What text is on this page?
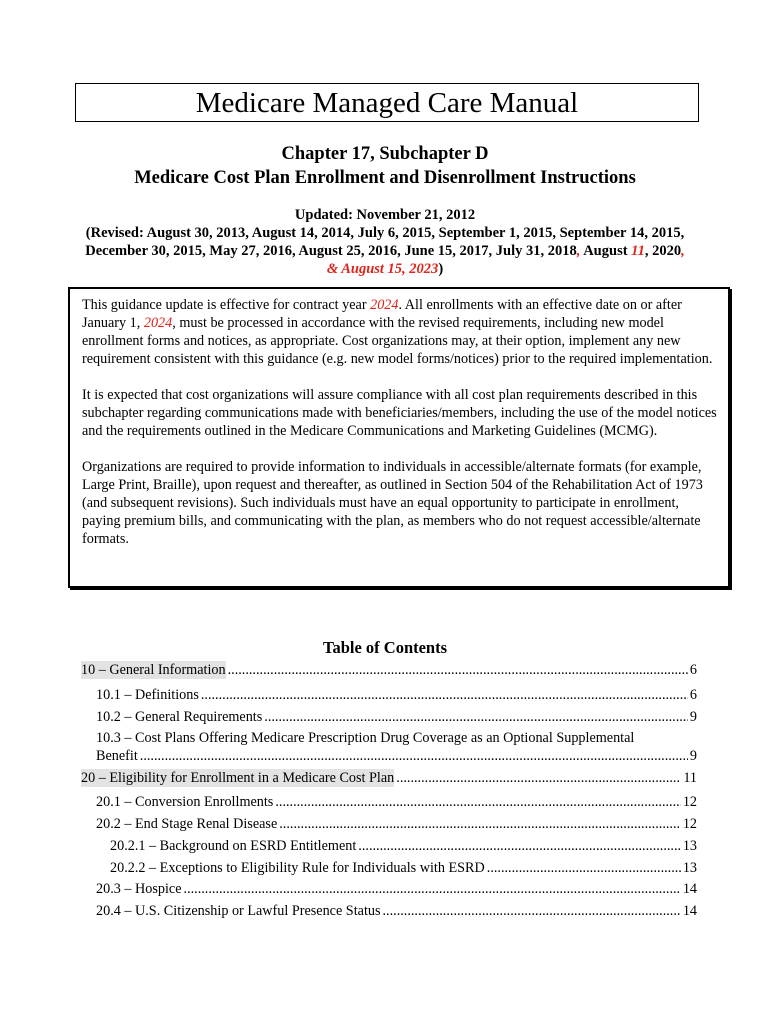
Medicare Managed Care Manual
Chapter 17, Subchapter D
Medicare Cost Plan Enrollment and Disenrollment Instructions
Updated: November 21, 2012
(Revised: August 30, 2013, August 14, 2014, July 6, 2015, September 1, 2015, September 14, 2015, December 30, 2015, May 27, 2016, August 25, 2016, June 15, 2017, July 31, 2018, August 11, 2020,
& August 15, 2023)

This guidance update is effective for contract year 2024. All enrollments with an effective date on or after January 1, 2024, must be processed in accordance with the revised requirements, including new model enrollment forms and notices, as appropriate. Cost organizations may, at their option, implement any new requirement consistent with this guidance (e.g. new model forms/notices) prior to the required implementation.

It is expected that cost organizations will assure compliance with all cost plan requirements described in this subchapter regarding communications made with beneficiaries/members, including the use of the model notices and the requirements outlined in the Medicare Communications and Marketing Guidelines (MCMG).

Organizations are required to provide information to individuals in accessible/alternate formats (for example, Large Print, Braille), upon request and thereafter, as outlined in Section 504 of the Rehabilitation Act of 1973 (and subsequent revisions). Such individuals must have an equal opportunity to participate in enrollment, paying premium bills, and communicating with the plan, as members who do not request accessible/alternate formats.

Table of Contents
10 – General Information .....	6
10.1 – Definitions .....	6
10.2 – General Requirements .....	9
10.3 – Cost Plans Offering Medicare Prescription Drug Coverage as an Optional Supplemental
Benefit .....	9
20 – Eligibility for Enrollment in a Medicare Cost Plan .....	11
20.1 – Conversion Enrollments .....	12
20.2 – End Stage Renal Disease .....	12
20.2.1 – Background on ESRD Entitlement .....	13
20.2.2 – Exceptions to Eligibility Rule for Individuals with ESRD .....	13
20.3 – Hospice .....	14
20.4 – U.S. Citizenship or Lawful Presence Status .....	14
